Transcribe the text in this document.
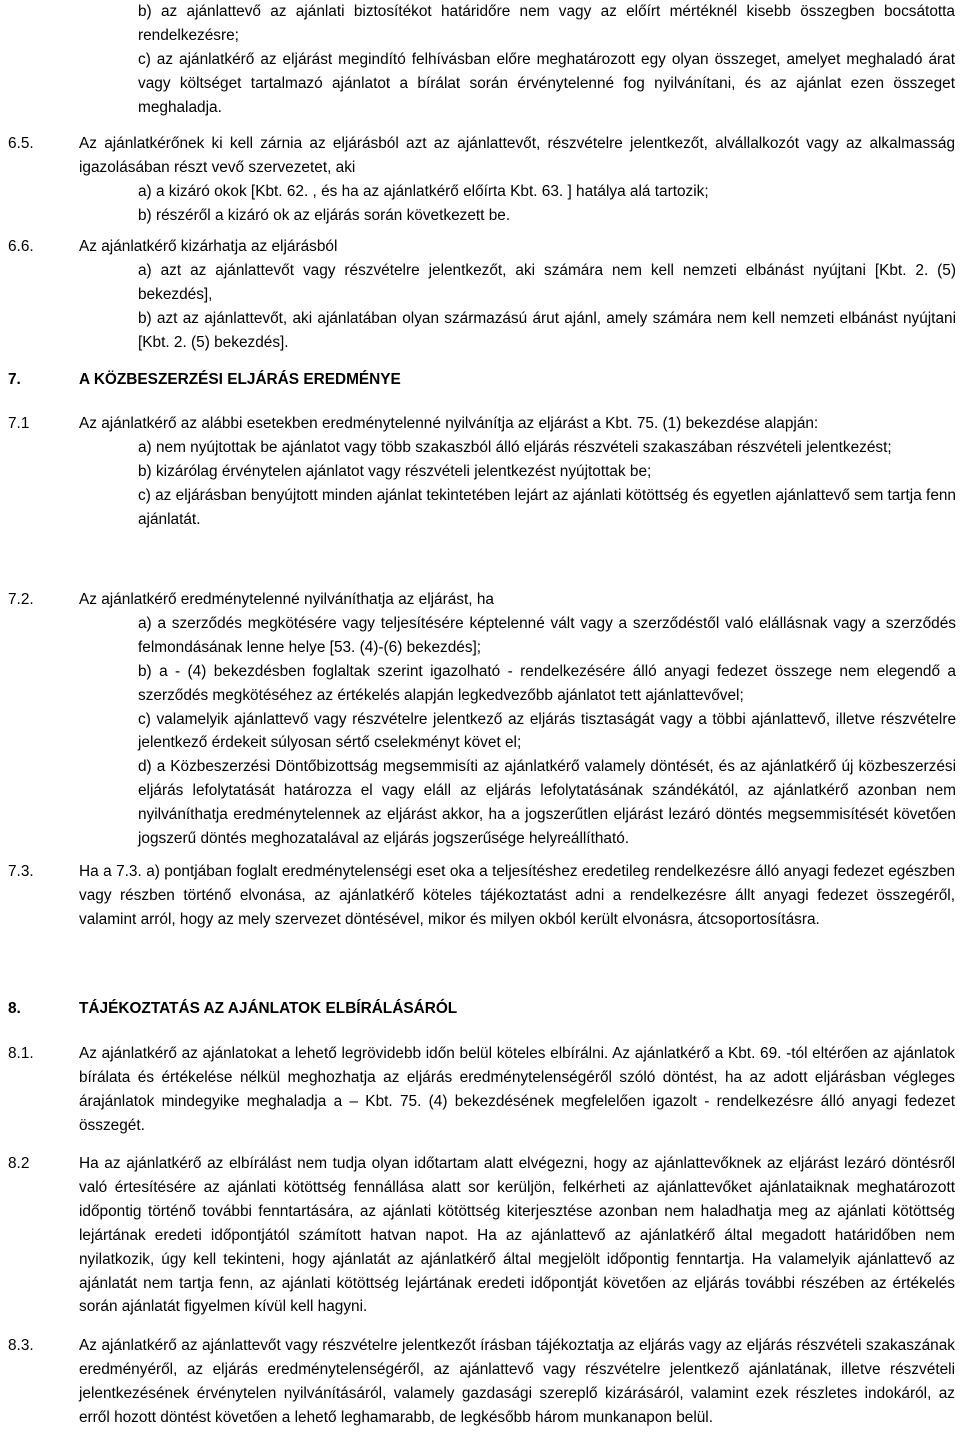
b) az ajánlattevő az ajánlati biztosítékot határidőre nem vagy az előírt mértéknél kisebb összegben bocsátotta rendelkezésre;

c) az ajánlatkérő az eljárást megindító felhívásban előre meghatározott egy olyan összeget, amelyet meghaladó árat vagy költséget tartalmazó ajánlatot a bírálat során érvénytelenné fog nyilvánítani, és az ajánlat ezen összeget meghaladja.

6.5.	Az ajánlatkérőnek ki kell zárnia az eljárásból azt az ajánlattevőt, részvételre jelentkezőt, alvállalkozót vagy az alkalmasság igazolásában részt vevő szervezetet, aki

a) a kizáró okok [Kbt. 62. , és ha az ajánlatkérő előírta Kbt. 63. ] hatálya alá tartozik;

b) részéről a kizáró ok az eljárás során következett be.

6.6.	Az ajánlatkérő kizárhatja az eljárásból

a) azt az ajánlattevőt vagy részvételre jelentkezőt, aki számára nem kell nemzeti elbánást nyújtani [Kbt. 2. (5) bekezdés],

b) azt az ajánlattevőt, aki ajánlatában olyan származású árut ajánl, amely számára nem kell nemzeti elbánást nyújtani [Kbt. 2. (5) bekezdés].

7.	A KÖZBESZERZÉSI ELJÁRÁS EREDMÉNYE
7.1	Az ajánlatkérő az alábbi esetekben eredménytelenné nyilvánítja az eljárást a Kbt. 75. (1) bekezdése alapján:

a) nem nyújtottak be ajánlatot vagy több szakaszból álló eljárás részvételi szakaszában részvételi jelentkezést;

b) kizárólag érvénytelen ajánlatot vagy részvételi jelentkezést nyújtottak be;

c) az eljárásban benyújtott minden ajánlat tekintetében lejárt az ajánlati kötöttség és egyetlen ajánlattevő sem tartja fenn ajánlatát.

7.2.	Az ajánlatkérő eredménytelenné nyilváníthatja az eljárást, ha

a) a szerződés megkötésére vagy teljesítésére képtelenné vált vagy a szerződéstől való elállásnak vagy a szerződés felmondásának lenne helye [53. (4)-(6) bekezdés];

b) a - (4) bekezdésben foglaltak szerint igazolható - rendelkezésére álló anyagi fedezet összege nem elegendő a szerződés megkötéséhez az értékelés alapján legkedvezőbb ajánlatot tett ajánlattevővel;

c) valamelyik ajánlattevő vagy részvételre jelentkező az eljárás tisztaságát vagy a többi ajánlattevő, illetve részvételre jelentkező érdekeit súlyosan sértő cselekményt követ el;

d) a Közbeszerzési Döntőbizottság megsemmisíti az ajánlatkérő valamely döntését, és az ajánlatkérő új közbeszerzési eljárás lefolytatását határozza el vagy eláll az eljárás lefolytatásának szándékától, az ajánlatkérő azonban nem nyilváníthatja eredménytelennek az eljárást akkor, ha a jogszerűtlen eljárást lezáró döntés megsemmisítését követően jogszerű döntés meghozatalával az eljárás jogszerűsége helyreállítható.

7.3.	Ha a 7.3. a) pontjában foglalt eredménytelenségi eset oka a teljesítéshez eredetileg rendelkezésre álló anyagi fedezet egészben vagy részben történő elvonása, az ajánlatkérő köteles tájékoztatást adni a rendelkezésre állt anyagi fedezet összegéről, valamint arról, hogy az mely szervezet döntésével, mikor és milyen okból került elvonásra, átcsoportosításra.

8.	TÁJÉKOZTATÁS AZ AJÁNLATOK ELBÍRÁLÁSÁRÓL
8.1.	Az ajánlatkérő az ajánlatokat a lehető legrövidebb időn belül köteles elbírálni. Az ajánlatkérő a Kbt. 69. -tól eltérően az ajánlatok bírálata és értékelése nélkül meghozhatja az eljárás eredménytelenségéről szóló döntést, ha az adott eljárásban végleges árajánlatok mindegyike meghaladja a – Kbt. 75. (4) bekezdésének megfelelően igazolt - rendelkezésre álló anyagi fedezet összegét.

8.2	Ha az ajánlatkérő az elbírálást nem tudja olyan időtartam alatt elvégezni, hogy az ajánlattevőknek az eljárást lezáró döntésről való értesítésére az ajánlati kötöttség fennállása alatt sor kerüljön, felkérheti az ajánlattevőket ajánlataiknak meghatározott időpontig történő további fenntartására, az ajánlati kötöttség kiterjesztése azonban nem haladhatja meg az ajánlati kötöttség lejártának eredeti időpontjától számított hatvan napot. Ha az ajánlattevő az ajánlatkérő által megadott határidőben nem nyilatkozik, úgy kell tekinteni, hogy ajánlatát az ajánlatkérő által megjelölt időpontig fenntartja. Ha valamelyik ajánlattevő az ajánlatát nem tartja fenn, az ajánlati kötöttség lejártának eredeti időpontját követően az eljárás további részében az értékelés során ajánlatát figyelmen kívül kell hagyni.

8.3.	Az ajánlatkérő az ajánlattevőt vagy részvételre jelentkezőt írásban tájékoztatja az eljárás vagy az eljárás részvételi szakaszának eredményéről, az eljárás eredménytelenségéről, az ajánlattevő vagy részvételre jelentkező ajánlatának, illetve részvételi jelentkezésének érvénytelen nyilvánításáról, valamely gazdasági szereplő kizárásáról, valamint ezek részletes indokáról, az erről hozott döntést követően a lehető leghamarabb, de legkésőbb három munkanapon belül.
